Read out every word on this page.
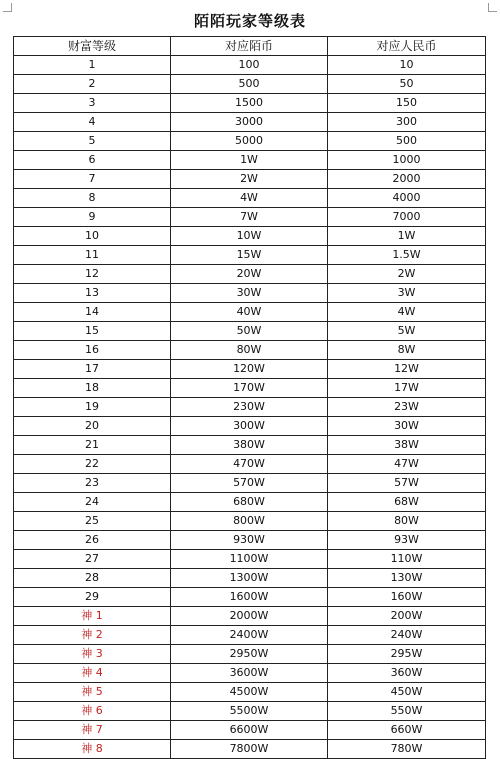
陌陌玩家等级表
财富等级	对应陌币	对应人民币
1	100	10
2	500	50
3	1500	150
4	3000	300
5	5000	500
6	1W	1000
7	2W	2000
8	4W	4000
9	7W	7000
10	10W	1W
11	15W	1.5W
12	20W	2W
13	30W	3W
14	40W	4W
15	50W	5W
16	80W	8W
17	120W	12W
18	170W	17W
19	230W	23W
20	300W	30W
21	380W	38W
22	470W	47W
23	570W	57W
24	680W	68W
25	800W	80W
26	930W	93W
27	1100W	110W
28	1300W	130W
29	1600W	160W
神 1	2000W	200W
神 2	2400W	240W
神 3	2950W	295W
神 4	3600W	360W
神 5	4500W	450W
神 6	5500W	550W
神 7	6600W	660W
神 8	7800W	780W
